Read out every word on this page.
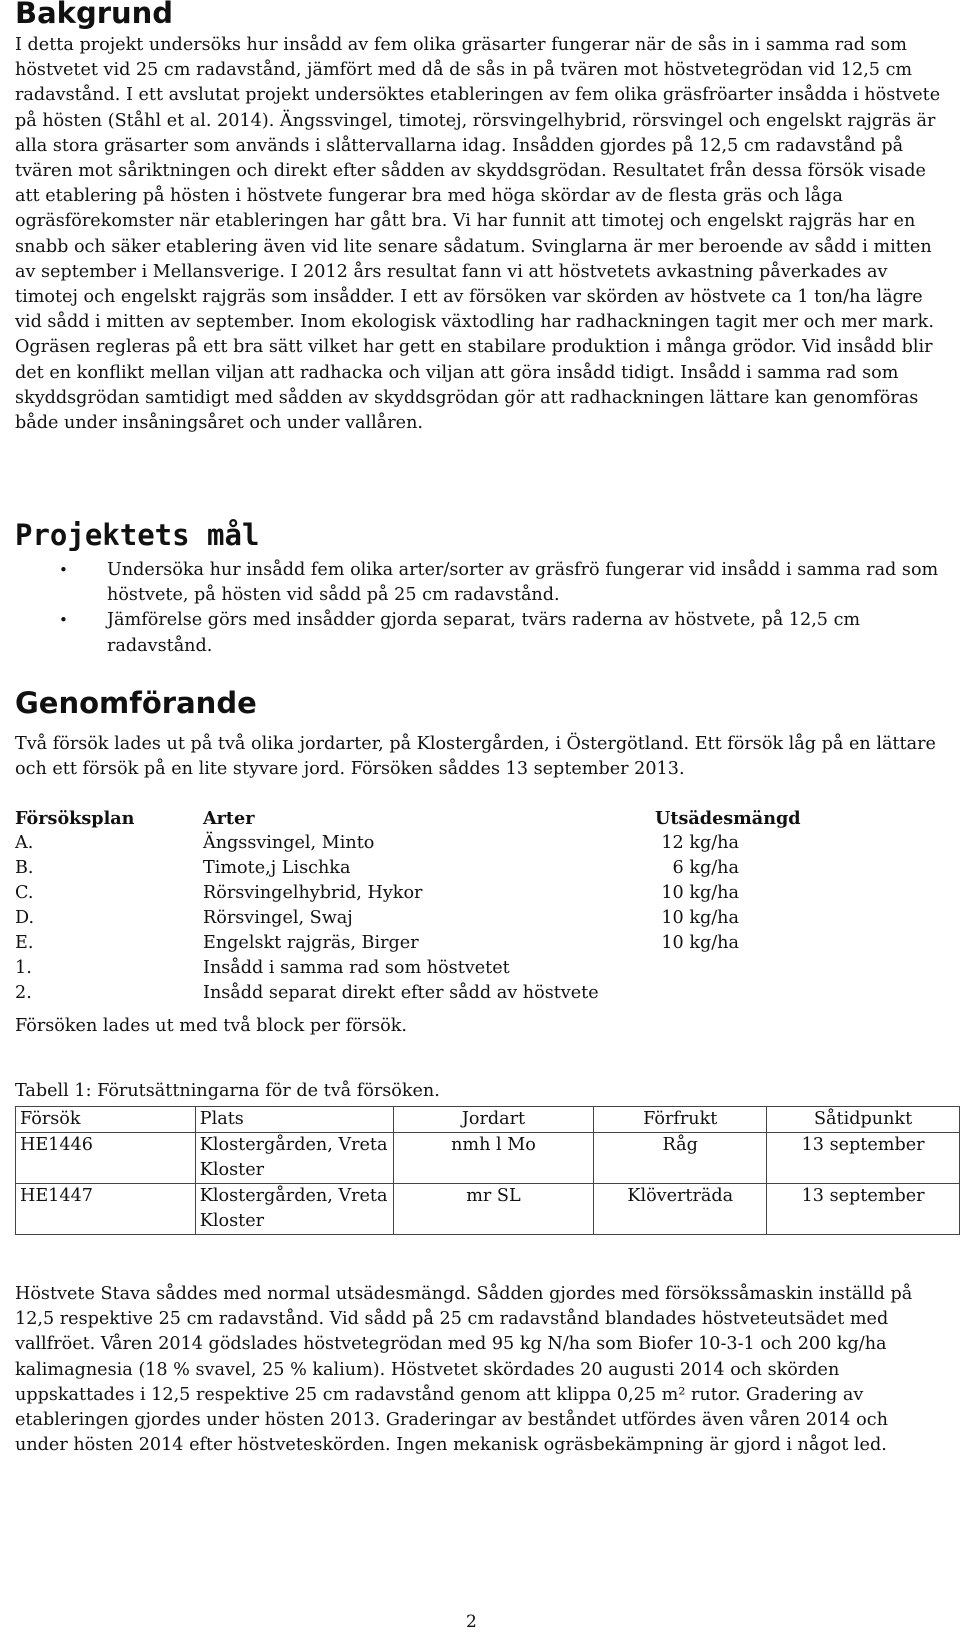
Bakgrund

I detta projekt undersöks hur insådd av fem olika gräsarter fungerar när de sås in i samma rad som höstvetet vid 25 cm radavstånd, jämfört med då de sås in på tvären mot höstvetegrödan vid 12,5 cm radavstånd. I ett avslutat projekt undersöktes etableringen av fem olika gräsfröarter insådda i höstvete på hösten (Ståhl et al. 2014). Ängssvingel, timotej, rörsvingelhybrid, rörsvingel och engelskt rajgräs är alla stora gräsarter som används i slåttervallarna idag. Insådden gjordes på 12,5 cm radavstånd på tvären mot såriktningen och direkt efter sådden av skyddsgrödan. Resultatet från dessa försök visade att etablering på hösten i höstvete fungerar bra med höga skördar av de flesta gräs och låga ogräsförekomster när etableringen har gått bra. Vi har funnit att timotej och engelskt rajgräs har en snabb och säker etablering även vid lite senare sådatum. Svinglarna är mer beroende av sådd i mitten av september i Mellansverige. I 2012 års resultat fann vi att höstvetets avkastning påverkades av timotej och engelskt rajgräs som insådder. I ett av försöken var skörden av höstvete ca 1 ton/ha lägre vid sådd i mitten av september. Inom ekologisk växtodling har radhackningen tagit mer och mer mark. Ogräsen regleras på ett bra sätt vilket har gett en stabilare produktion i många grödor. Vid insådd blir det en konflikt mellan viljan att radhacka och viljan att göra insådd tidigt. Insådd i samma rad som skyddsgrödan samtidigt med sådden av skyddsgrödan gör att radhackningen lättare kan genomföras både under insåningsåret och under vallåren.

Projektets mål
• Undersöka hur insådd fem olika arter/sorter av gräsfrö fungerar vid insådd i samma rad som höstvete, på hösten vid sådd på 25 cm radavstånd.
• Jämförelse görs med insådder gjorda separat, tvärs raderna av höstvete, på 12,5 cm radavstånd.
Genomförande

Två försök lades ut på två olika jordarter, på Klostergården, i Östergötland. Ett försök låg på en lättare och ett försök på en lite styvare jord. Försöken såddes 13 september 2013.

Försöksplan	Arter	Utsädesmängd
A.	Ängssvingel, Minto	12 kg/ha
B.	Timote,j Lischka	6 kg/ha
C.	Rörsvingelhybrid, Hykor	10 kg/ha
D.	Rörsvingel, Swaj	10 kg/ha
E.	Engelskt rajgräs, Birger	10 kg/ha
1.	Insådd i samma rad som höstvetet
2.	Insådd separat direkt efter sådd av höstvete

Försöken lades ut med två block per försök.

Tabell 1: Förutsättningarna för de två försöken.

Försök	Plats	Jordart	Förfrukt	Såtidpunkt
HE1446	Klostergården, Vreta Kloster	nmh l Mo	Råg	13 september
HE1447	Klostergården, Vreta Kloster	mr SL	Klöverträda	13 september

Höstvete Stava såddes med normal utsädesmängd. Sådden gjordes med försökssåmaskin inställd på 12,5 respektive 25 cm radavstånd. Vid sådd på 25 cm radavstånd blandades höstveteutsädet med vallfröet. Våren 2014 gödslades höstvetegrödan med 95 kg N/ha som Biofer 10-3-1 och 200 kg/ha kalimagnesia (18 % svavel, 25 % kalium). Höstvetet skördades 20 augusti 2014 och skörden uppskattades i 12,5 respektive 25 cm radavstånd genom att klippa 0,25 m² rutor. Gradering av etableringen gjordes under hösten 2013. Graderingar av beståndet utfördes även våren 2014 och under hösten 2014 efter höstveteskörden. Ingen mekanisk ogräsbekämpning är gjord i något led.

2
